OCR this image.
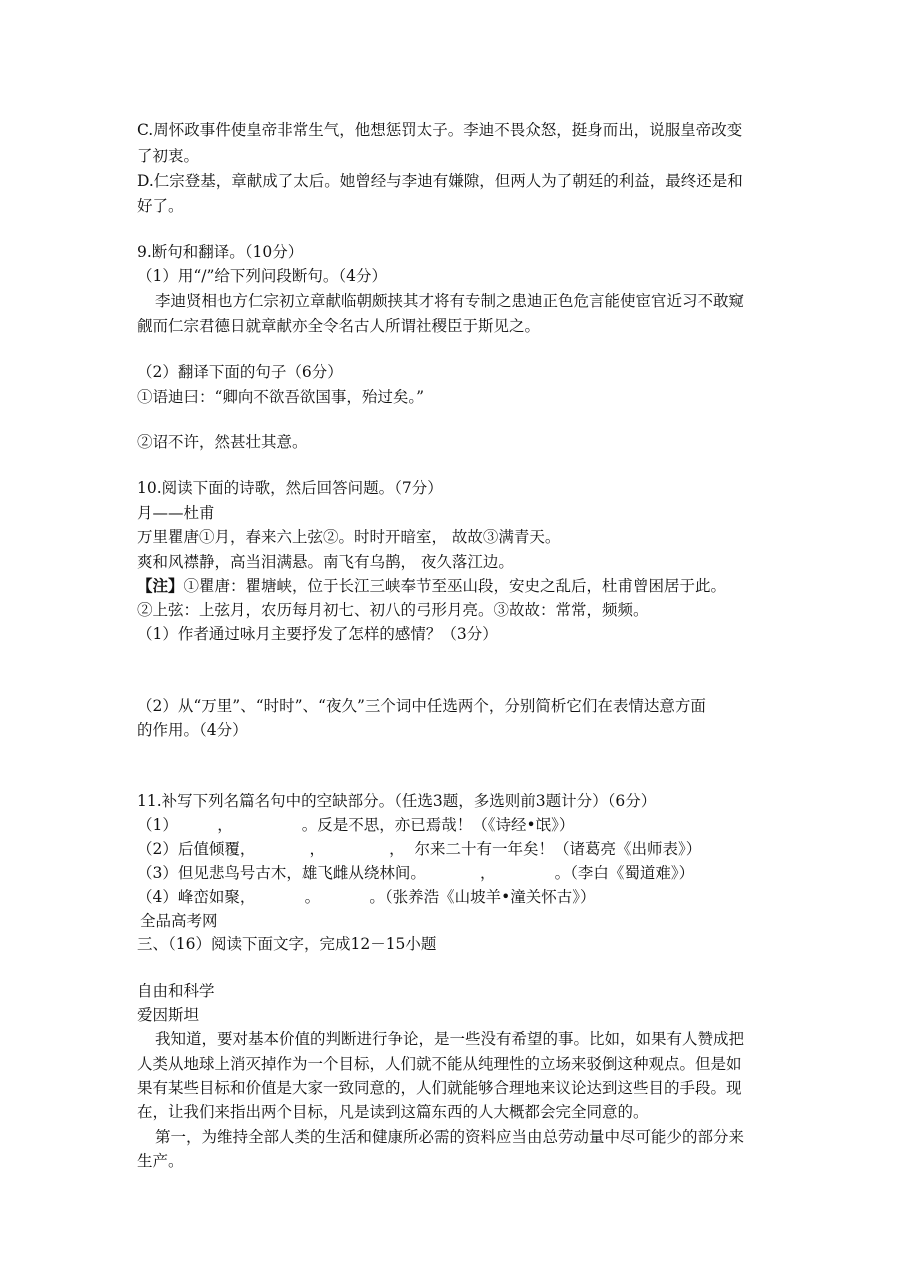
C.周怀政事件使皇帝非常生气，他想惩罚太子。李迪不畏众怒，挺身而出，说服皇帝改变
了初衷。
D.仁宗登基，章献成了太后。她曾经与李迪有嫌隙，但两人为了朝廷的利益，最终还是和
好了。
9.断句和翻译。（10分）
（1）用“/”给下列问段断句。（4分）
李迪贤相也方仁宗初立章献临朝颇挟其才将有专制之患迪正色危言能使宦官近习不敢窥
觎而仁宗君德日就章献亦全令名古人所谓社稷臣于斯见之。
（2）翻译下面的句子（6分）
①语迪曰：“卿向不欲吾欲国事，殆过矣。”
②诏不许，然甚壮其意。
10.阅读下面的诗歌，然后回答问题。（7分）
月——杜甫
万里瞿唐①月，春来六上弦②。时时开暗室， 故故③满青天。
爽和风襟静，高当泪满悬。南飞有乌鹊， 夜久落江边。
【注】①瞿唐：瞿塘峡，位于长江三峡奉节至巫山段，安史之乱后，杜甫曾困居于此。
②上弦：上弦月，农历每月初七、初八的弓形月亮。③故故：常常，频频。
（1）作者通过咏月主要抒发了怎样的感情？（3分）
（2）从“万里”、“时时”、“夜久”三个词中任选两个，分别简析它们在表情达意方面
的作用。（4分）
11.补写下列名篇名句中的空缺部分。（任选3题，多选则前3题计分）（6分）
（1）        ，              。反是不思，亦已焉哉！（《诗经•氓》）
（2）后值倾覆，           ，             ，  尔来二十有一年矣！（诸葛亮《出师表》）
（3）但见悲鸟号古木，雄飞雌从绕林间。           ，            。（李白《蜀道难》）
（4）峰峦如聚，          。          。（张养浩《山坡羊•潼关怀古》）
全品高考网
三、（16）阅读下面文字，完成12－15小题
自由和科学
爱因斯坦
我知道，要对基本价值的判断进行争论，是一些没有希望的事。比如，如果有人赞成把
人类从地球上消灭掉作为一个目标，人们就不能从纯理性的立场来驳倒这种观点。但是如
果有某些目标和价值是大家一致同意的，人们就能够合理地来议论达到这些目的手段。现
在，让我们来指出两个目标，凡是读到这篇东西的人大概都会完全同意的。
第一，为维持全部人类的生活和健康所必需的资料应当由总劳动量中尽可能少的部分来
生产。
